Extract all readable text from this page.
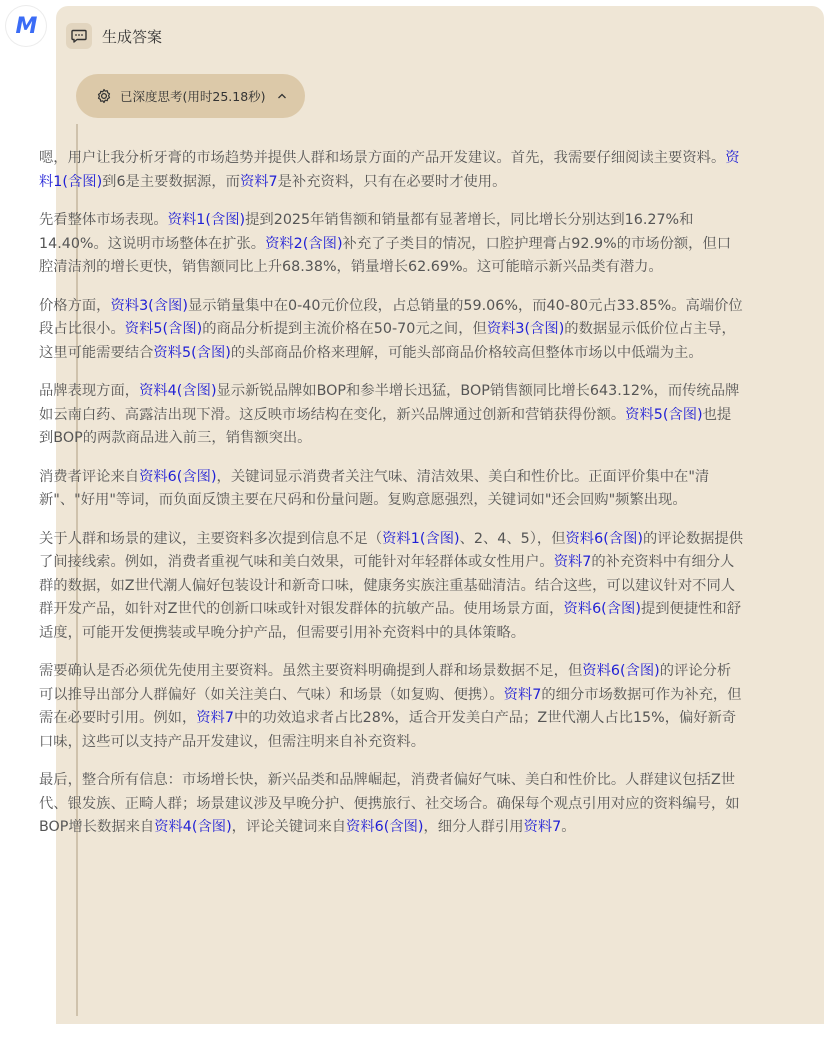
M	生成答案
已深度思考(用时25.18秒)

嗯，用户让我分析牙膏的市场趋势并提供人群和场景方面的产品开发建议。首先，我需要仔细阅读主要资料。资料1(含图)到6是主要数据源，而资料7是补充资料，只有在必要时才使用。

先看整体市场表现。资料1(含图)提到2025年销售额和销量都有显著增长，同比增长分别达到16.27%和14.40%。这说明市场整体在扩张。资料2(含图)补充了子类目的情况，口腔护理膏占92.9%的市场份额，但口腔清洁剂的增长更快，销售额同比上升68.38%，销量增长62.69%。这可能暗示新兴品类有潜力。

价格方面，资料3(含图)显示销量集中在0-40元价位段，占总销量的59.06%，而40-80元占33.85%。高端价位段占比很小。资料5(含图)的商品分析提到主流价格在50-70元之间，但资料3(含图)的数据显示低价位占主导，这里可能需要结合资料5(含图)的头部商品价格来理解，可能头部商品价格较高但整体市场以中低端为主。

品牌表现方面，资料4(含图)显示新锐品牌如BOP和参半增长迅猛，BOP销售额同比增长643.12%，而传统品牌如云南白药、高露洁出现下滑。这反映市场结构在变化，新兴品牌通过创新和营销获得份额。资料5(含图)也提到BOP的两款商品进入前三，销售额突出。

消费者评论来自资料6(含图)，关键词显示消费者关注气味、清洁效果、美白和性价比。正面评价集中在"清新"、"好用"等词，而负面反馈主要在尺码和份量问题。复购意愿强烈，关键词如"还会回购"频繁出现。

关于人群和场景的建议，主要资料多次提到信息不足（资料1(含图)、2、4、5），但资料6(含图)的评论数据提供了间接线索。例如，消费者重视气味和美白效果，可能针对年轻群体或女性用户。资料7的补充资料中有细分人群的数据，如Z世代潮人偏好包装设计和新奇口味，健康务实族注重基础清洁。结合这些，可以建议针对不同人群开发产品，如针对Z世代的创新口味或针对银发群体的抗敏产品。使用场景方面，资料6(含图)提到便捷性和舒适度，可能开发便携装或早晚分护产品，但需要引用补充资料中的具体策略。

需要确认是否必须优先使用主要资料。虽然主要资料明确提到人群和场景数据不足，但资料6(含图)的评论分析可以推导出部分人群偏好（如关注美白、气味）和场景（如复购、便携）。资料7的细分市场数据可作为补充，但需在必要时引用。例如，资料7中的功效追求者占比28%，适合开发美白产品；Z世代潮人占比15%，偏好新奇口味，这些可以支持产品开发建议，但需注明来自补充资料。

最后，整合所有信息：市场增长快，新兴品类和品牌崛起，消费者偏好气味、美白和性价比。人群建议包括Z世代、银发族、正畸人群；场景建议涉及早晚分护、便携旅行、社交场合。确保每个观点引用对应的资料编号，如BOP增长数据来自资料4(含图)，评论关键词来自资料6(含图)，细分人群引用资料7。
